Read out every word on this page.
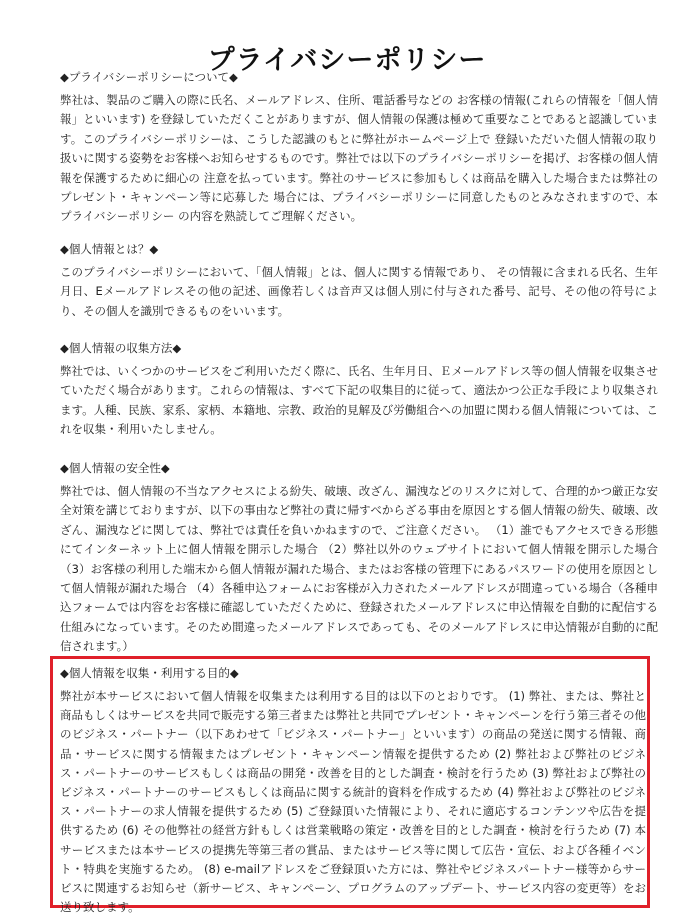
プライバシーポリシー

◆プライバシーポリシーについて◆

弊社は、製品のご購入の際に氏名、メールアドレス、住所、電話番号などの お客様の情報(これらの情報を「個人情報」といいます) を登録していただくことがありますが、個人情報の保護は極めて重要なことであると認識しています。このプライバシーポリシーは、こうした認識のもとに弊社がホームページ上で 登録いただいた個人情報の取り扱いに関する姿勢をお客様へお知らせするものです。弊社では以下のプライバシーポリシーを掲げ、お客様の個人情報を保護するために細心の 注意を払っています。弊社のサービスに参加もしくは商品を購入した場合または弊社のプレゼント・キャンペーン等に応募した 場合には、プライバシーポリシーに同意したものとみなされますので、本プライバシーポリシー の内容を熟読してご理解ください。

◆個人情報とは？◆

このプライバシーポリシーにおいて、「個人情報」とは、個人に関する情報であり、 その情報に含まれる氏名、生年月日、Eメールアドレスその他の記述、画像若しくは音声又は個人別に付与された番号、記号、その他の符号により、その個人を識別できるものをいいます。

◆個人情報の収集方法◆

弊社では、いくつかのサービスをご利用いただく際に、氏名、生年月日、Ｅメールアドレス等の個人情報を収集させていただく場合があります。これらの情報は、すべて下記の収集目的に従って、適法かつ公正な手段により収集されます。人種、民族、家系、家柄、本籍地、宗教、政治的見解及び労働組合への加盟に関わる個人情報については、これを収集・利用いたしません。

◆個人情報の安全性◆

弊社では、個人情報の不当なアクセスによる紛失、破壊、改ざん、漏洩などのリスクに対して、合理的かつ厳正な安全対策を講じておりますが、以下の事由など弊社の責に帰すべからざる事由を原因とする個人情報の紛失、破壊、改ざん、漏洩などに関しては、弊社では責任を負いかねますので、ご注意ください。 （1）誰でもアクセスできる形態にてインターネット上に個人情報を開示した場合 （2）弊社以外のウェブサイトにおいて個人情報を開示した場合 （3）お客様の利用した端末から個人情報が漏れた場合、またはお客様の管理下にあるパスワードの使用を原因として個人情報が漏れた場合 （4）各種申込フォームにお客様が入力されたメールアドレスが間違っている場合（各種申込フォームでは内容をお客様に確認していただくために、登録されたメールアドレスに申込情報を自動的に配信する仕組みになっています。そのため間違ったメールアドレスであっても、そのメールアドレスに申込情報が自動的に配信されます。）

◆個人情報を収集・利用する目的◆

弊社が本サービスにおいて個人情報を収集または利用する目的は以下のとおりです。 (1) 弊社、または、弊社と商品もしくはサービスを共同で販売する第三者または弊社と共同でプレゼント・キャンペーンを行う第三者その他のビジネス・パートナー（以下あわせて「ビジネス・パートナー」といいます）の商品の発送に関する情報、商品・サービスに関する情報またはプレゼント・キャンペーン情報を提供するため (2) 弊社および弊社のビジネス・パートナーのサービスもしくは商品の開発・改善を目的とした調査・検討を行うため (3) 弊社および弊社のビジネス・パートナーのサービスもしくは商品に関する統計的資料を作成するため (4) 弊社および弊社のビジネス・パートナーの求人情報を提供するため (5) ご登録頂いた情報により、それに適応するコンテンツや広告を提供するため (6) その他弊社の経営方針もしくは営業戦略の策定・改善を目的とした調査・検討を行うため (7) 本サービスまたは本サービスの提携先等第三者の賞品、またはサービス等に関して広告・宣伝、および各種イベント・特典を実施するため。 (8) e-mailアドレスをご登録頂いた方には、弊社やビジネスパートナー様等からサービスに関連するお知らせ（新サービス、キャンペーン、プログラムのアップデート、サービス内容の変更等）をお送り致します。
